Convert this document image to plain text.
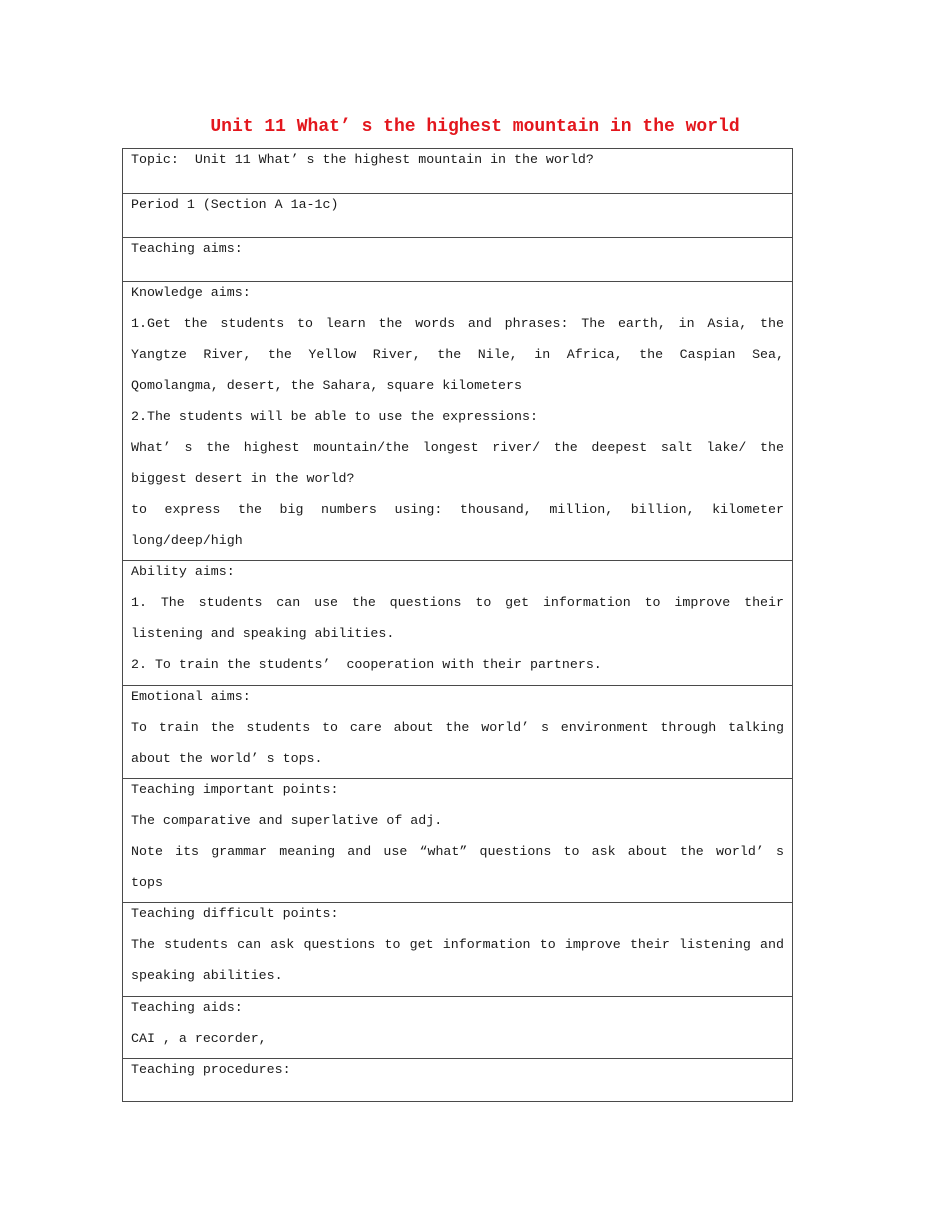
Unit 11 What’ s the highest mountain in the world
Topic:  Unit 11 What’ s the highest mountain in the world?
Period 1 (Section A 1a-1c)
Teaching aims:
Knowledge aims:
1.Get the students to learn the words and phrases: The earth, in Asia, the
Yangtze River, the Yellow River, the Nile, in Africa, the Caspian Sea,
Qomolangma, desert, the Sahara, square kilometers
2.The students will be able to use the expressions:
What’ s the highest mountain/the longest river/ the deepest salt lake/ the
biggest desert in the world?
to express the big numbers using: thousand, million, billion, kilometer
long/deep/high
Ability aims:
1. The students can use the questions to get information to improve their
listening and speaking abilities.
2. To train the students’  cooperation with their partners.
Emotional aims:
To train the students to care about the world’ s environment through talking
about the world’ s tops.
Teaching important points:
The comparative and superlative of adj.
Note its grammar meaning and use “what” questions to ask about the world’ s
tops
Teaching difficult points:
The students can ask questions to get information to improve their listening and
speaking abilities.
Teaching aids:
CAI , a recorder,
Teaching procedures:
